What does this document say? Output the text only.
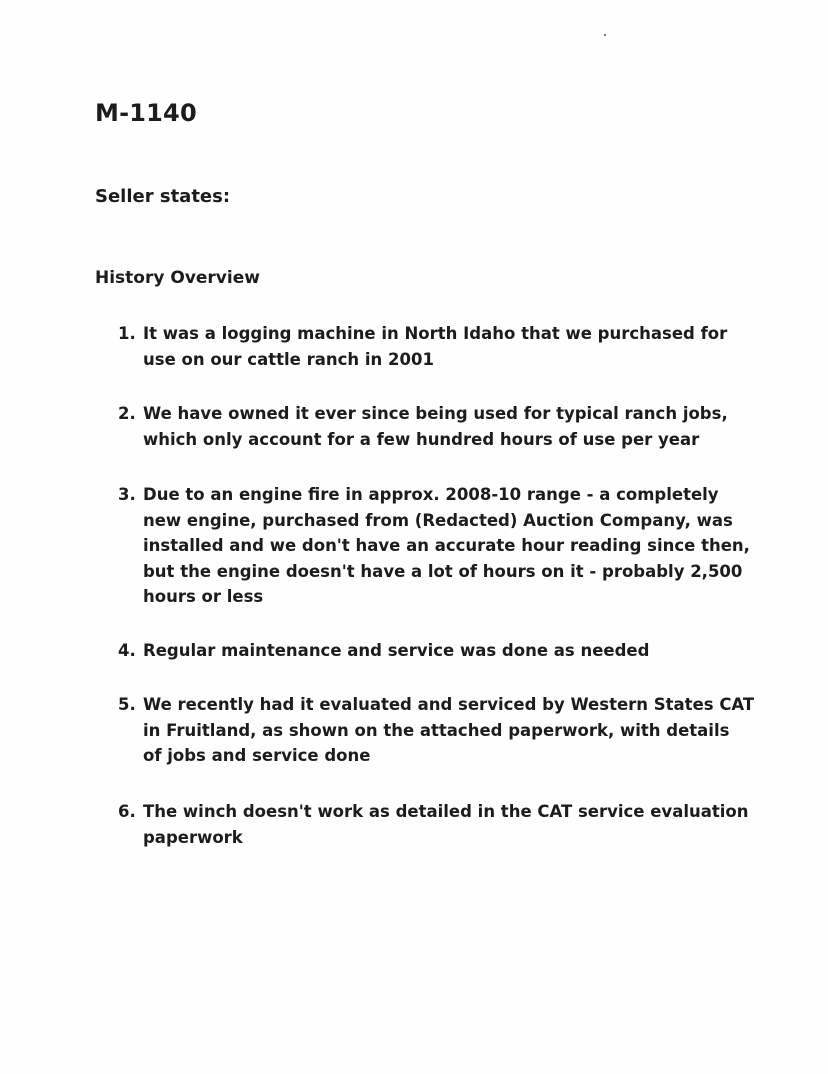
M-1140
Seller states:
History Overview
1. It was a logging machine in North Idaho that we purchased for
use on our cattle ranch in 2001
2. We have owned it ever since being used for typical ranch jobs,
which only account for a few hundred hours of use per year
3. Due to an engine fire in approx. 2008-10 range - a completely
new engine, purchased from (Redacted) Auction Company, was
installed and we don't have an accurate hour reading since then,
but the engine doesn't have a lot of hours on it - probably 2,500
hours or less
4. Regular maintenance and service was done as needed
5. We recently had it evaluated and serviced by Western States CAT
in Fruitland, as shown on the attached paperwork, with details
of jobs and service done
6. The winch doesn't work as detailed in the CAT service evaluation
paperwork
